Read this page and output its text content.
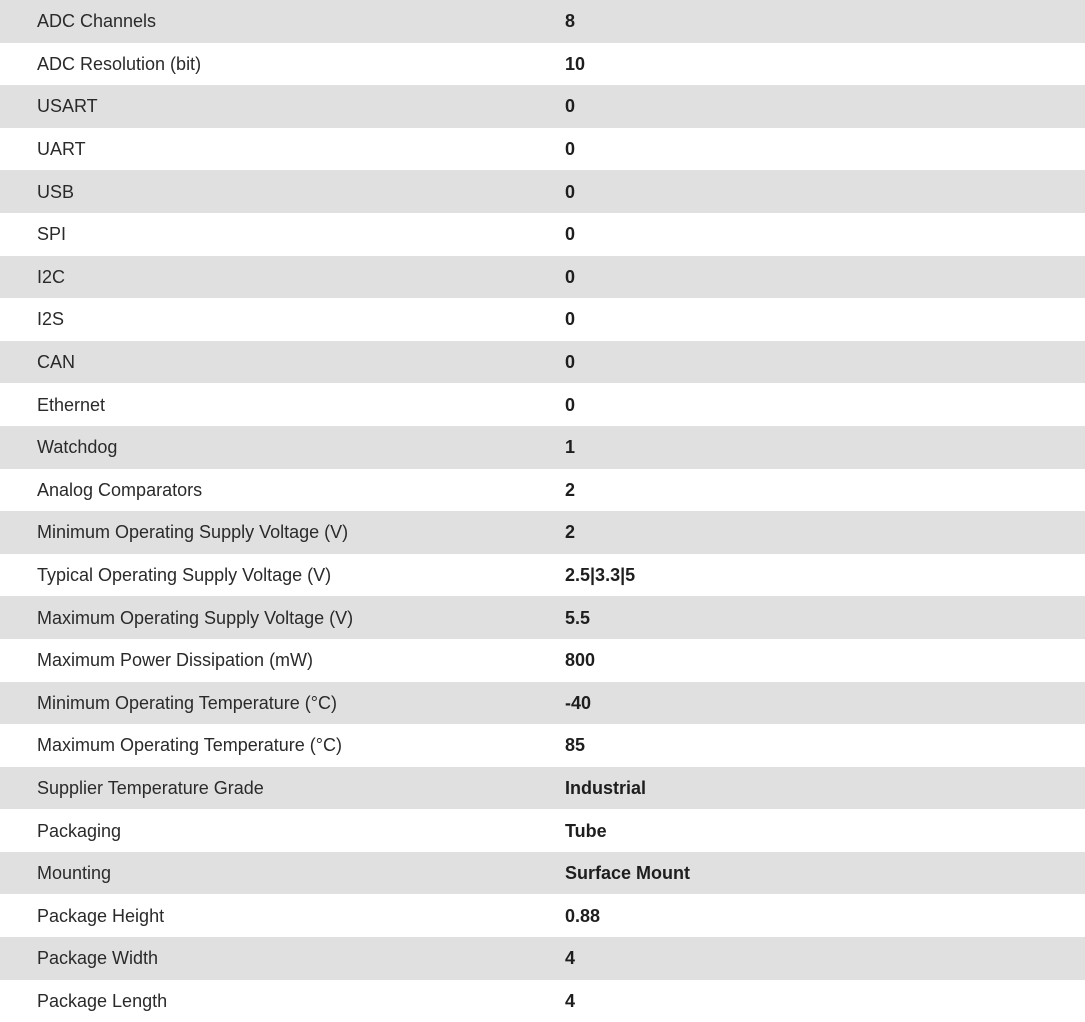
ADC Channels	8
ADC Resolution (bit)	10
USART	0
UART	0
USB	0
SPI	0
I2C	0
I2S	0
CAN	0
Ethernet	0
Watchdog	1
Analog Comparators	2
Minimum Operating Supply Voltage (V)	2
Typical Operating Supply Voltage (V)	2.5|3.3|5
Maximum Operating Supply Voltage (V)	5.5
Maximum Power Dissipation (mW)	800
Minimum Operating Temperature (°C)	-40
Maximum Operating Temperature (°C)	85
Supplier Temperature Grade	Industrial
Packaging	Tube
Mounting	Surface Mount
Package Height	0.88
Package Width	4
Package Length	4
